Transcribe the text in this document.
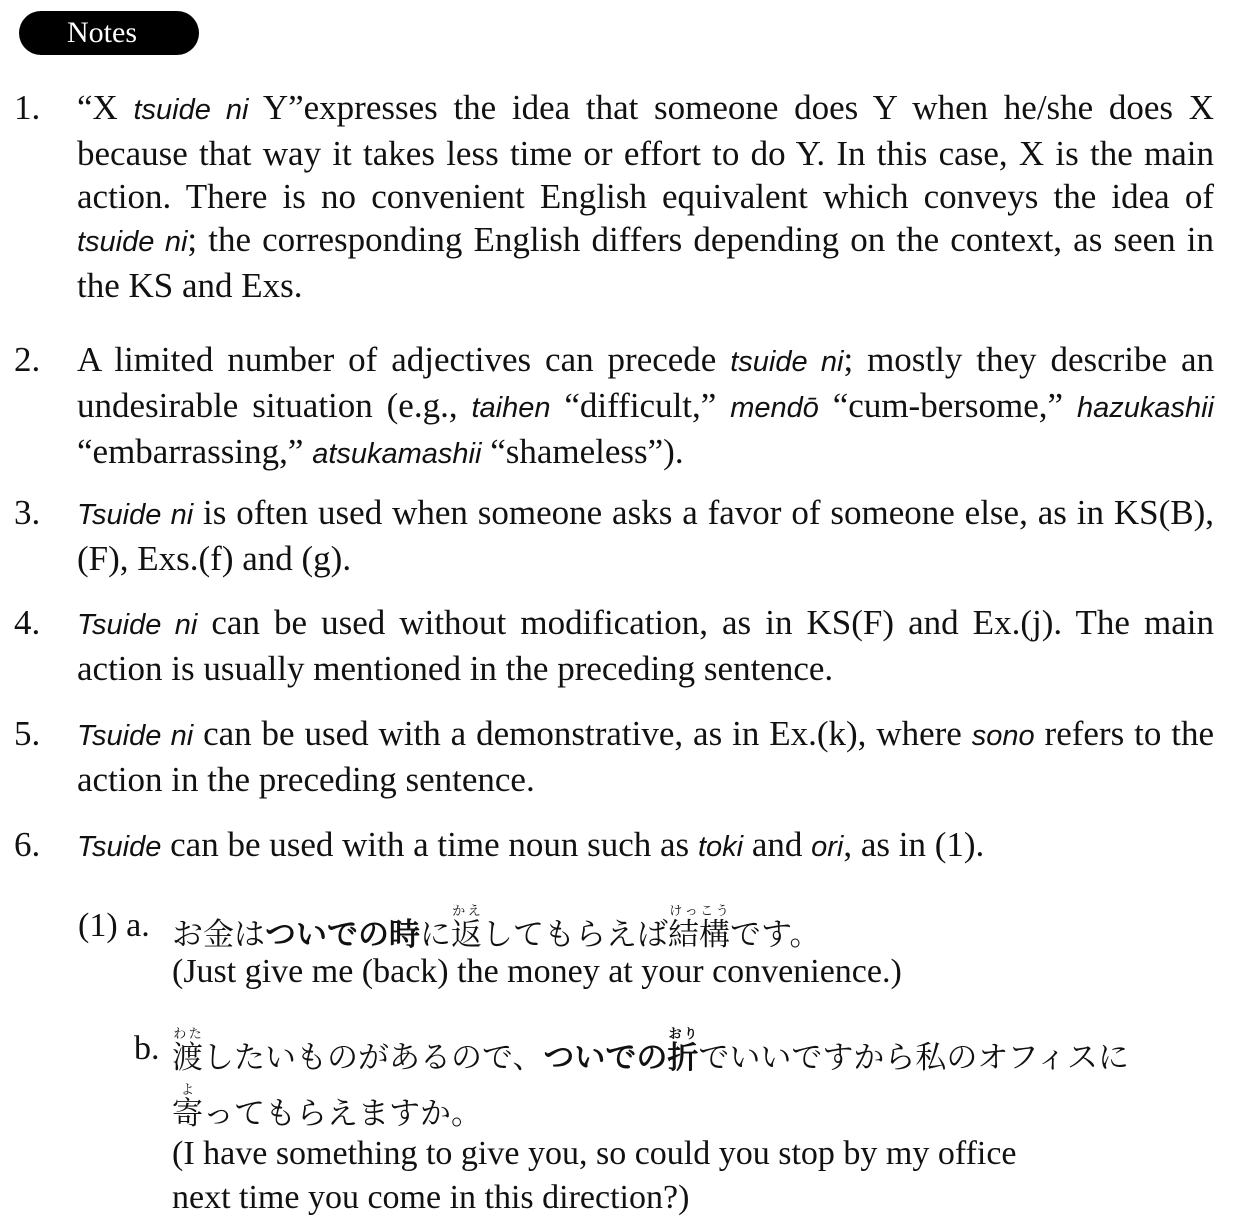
Notes
1.	“X tsuide ni Y”expresses the idea that someone does Y when he/she does X because that way it takes less time or effort to do Y. In this case, X is the main action. There is no convenient English equivalent which conveys the idea of tsuide ni; the corresponding English differs depending on the context, as seen in the KS and Exs.
2.	A limited number of adjectives can precede tsuide ni; mostly they describe an undesirable situation (e.g., taihen “difficult,” mendō “cum-bersome,” hazukashii “embarrassing,” atsukamashii “shameless”).
3.	Tsuide ni is often used when someone asks a favor of someone else, as in KS(B), (F), Exs.(f) and (g).
4.	Tsuide ni can be used without modification, as in KS(F) and Ex.(j). The main action is usually mentioned in the preceding sentence.
5.	Tsuide ni can be used with a demonstrative, as in Ex.(k), where sono refers to the action in the preceding sentence.
6.	Tsuide can be used with a time noun such as toki and ori, as in (1).
(1) a. お金はついでの時に返かえしてもらえば結構けっこうです。
(Just give me (back) the money at your convenience.)
b. 渡わたしたいものがあるので、ついでの折おりでいいですから私のオフィスに
寄よってもらえますか。
(I have something to give you, so could you stop by my office
next time you come in this direction?)
